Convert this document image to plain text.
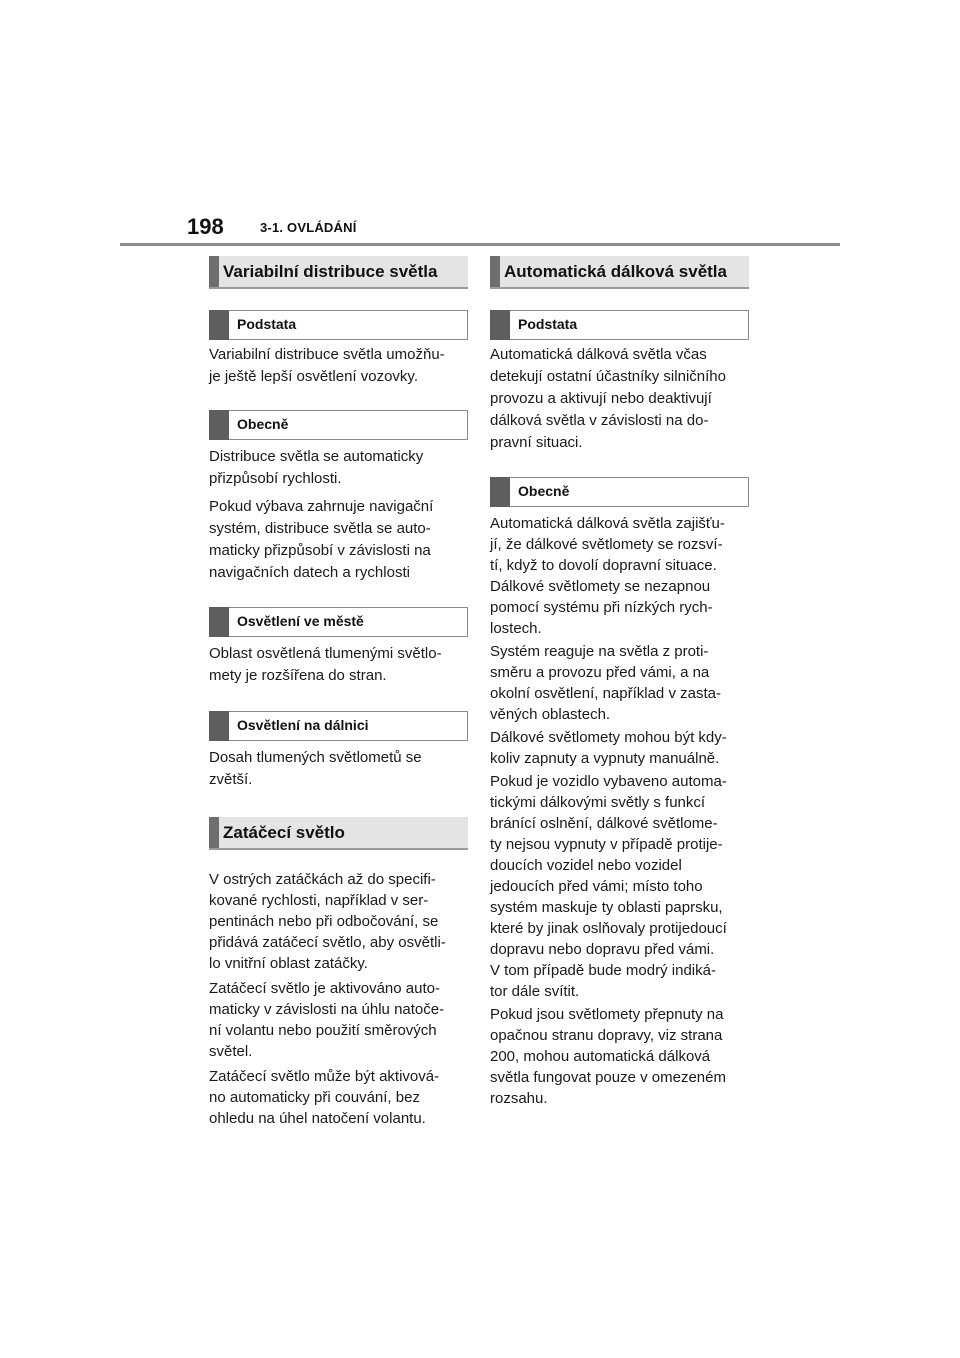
198	3-1. OVLÁDÁNÍ
Variabilní distribuce světla
Podstata

Variabilní distribuce světla umožňu-
je ještě lepší osvětlení vozovky.

Obecně

Distribuce světla se automaticky
přizpůsobí rychlosti.

Pokud výbava zahrnuje navigační
systém, distribuce světla se auto-
maticky přizpůsobí v závislosti na
navigačních datech a rychlosti

Osvětlení ve městě

Oblast osvětlená tlumenými světlo-
mety je rozšířena do stran.

Osvětlení na dálnici

Dosah tlumených světlometů se
zvětší.

Zatáčecí světlo

V ostrých zatáčkách až do specifi-
kované rychlosti, například v ser-
pentinách nebo při odbočování, se
přidává zatáčecí světlo, aby osvětli-
lo vnitřní oblast zatáčky.

Zatáčecí světlo je aktivováno auto-
maticky v závislosti na úhlu natoče-
ní volantu nebo použití směrových
světel.

Zatáčecí světlo může být aktivová-
no automaticky při couvání, bez
ohledu na úhel natočení volantu.

Automatická dálková světla
Podstata

Automatická dálková světla včas
detekují ostatní účastníky silničního
provozu a aktivují nebo deaktivují
dálková světla v závislosti na do-
pravní situaci.

Obecně

Automatická dálková světla zajišťu-
jí, že dálkové světlomety se rozsví-
tí, když to dovolí dopravní situace.
Dálkové světlomety se nezapnou
pomocí systému při nízkých rych-
lostech.

Systém reaguje na světla z proti-
směru a provozu před vámi, a na
okolní osvětlení, například v zasta-
věných oblastech.

Dálkové světlomety mohou být kdy-
koliv zapnuty a vypnuty manuálně.

Pokud je vozidlo vybaveno automa-
tickými dálkovými světly s funkcí
bránící oslnění, dálkové světlome-
ty nejsou vypnuty v případě protije-
doucích vozidel nebo vozidel
jedoucích před vámi; místo toho
systém maskuje ty oblasti paprsku,
které by jinak oslňovaly protijedoucí
dopravu nebo dopravu před vámi.
V tom případě bude modrý indiká-
tor dále svítit.

Pokud jsou světlomety přepnuty na
opačnou stranu dopravy, viz strana
200, mohou automatická dálková
světla fungovat pouze v omezeném
rozsahu.
